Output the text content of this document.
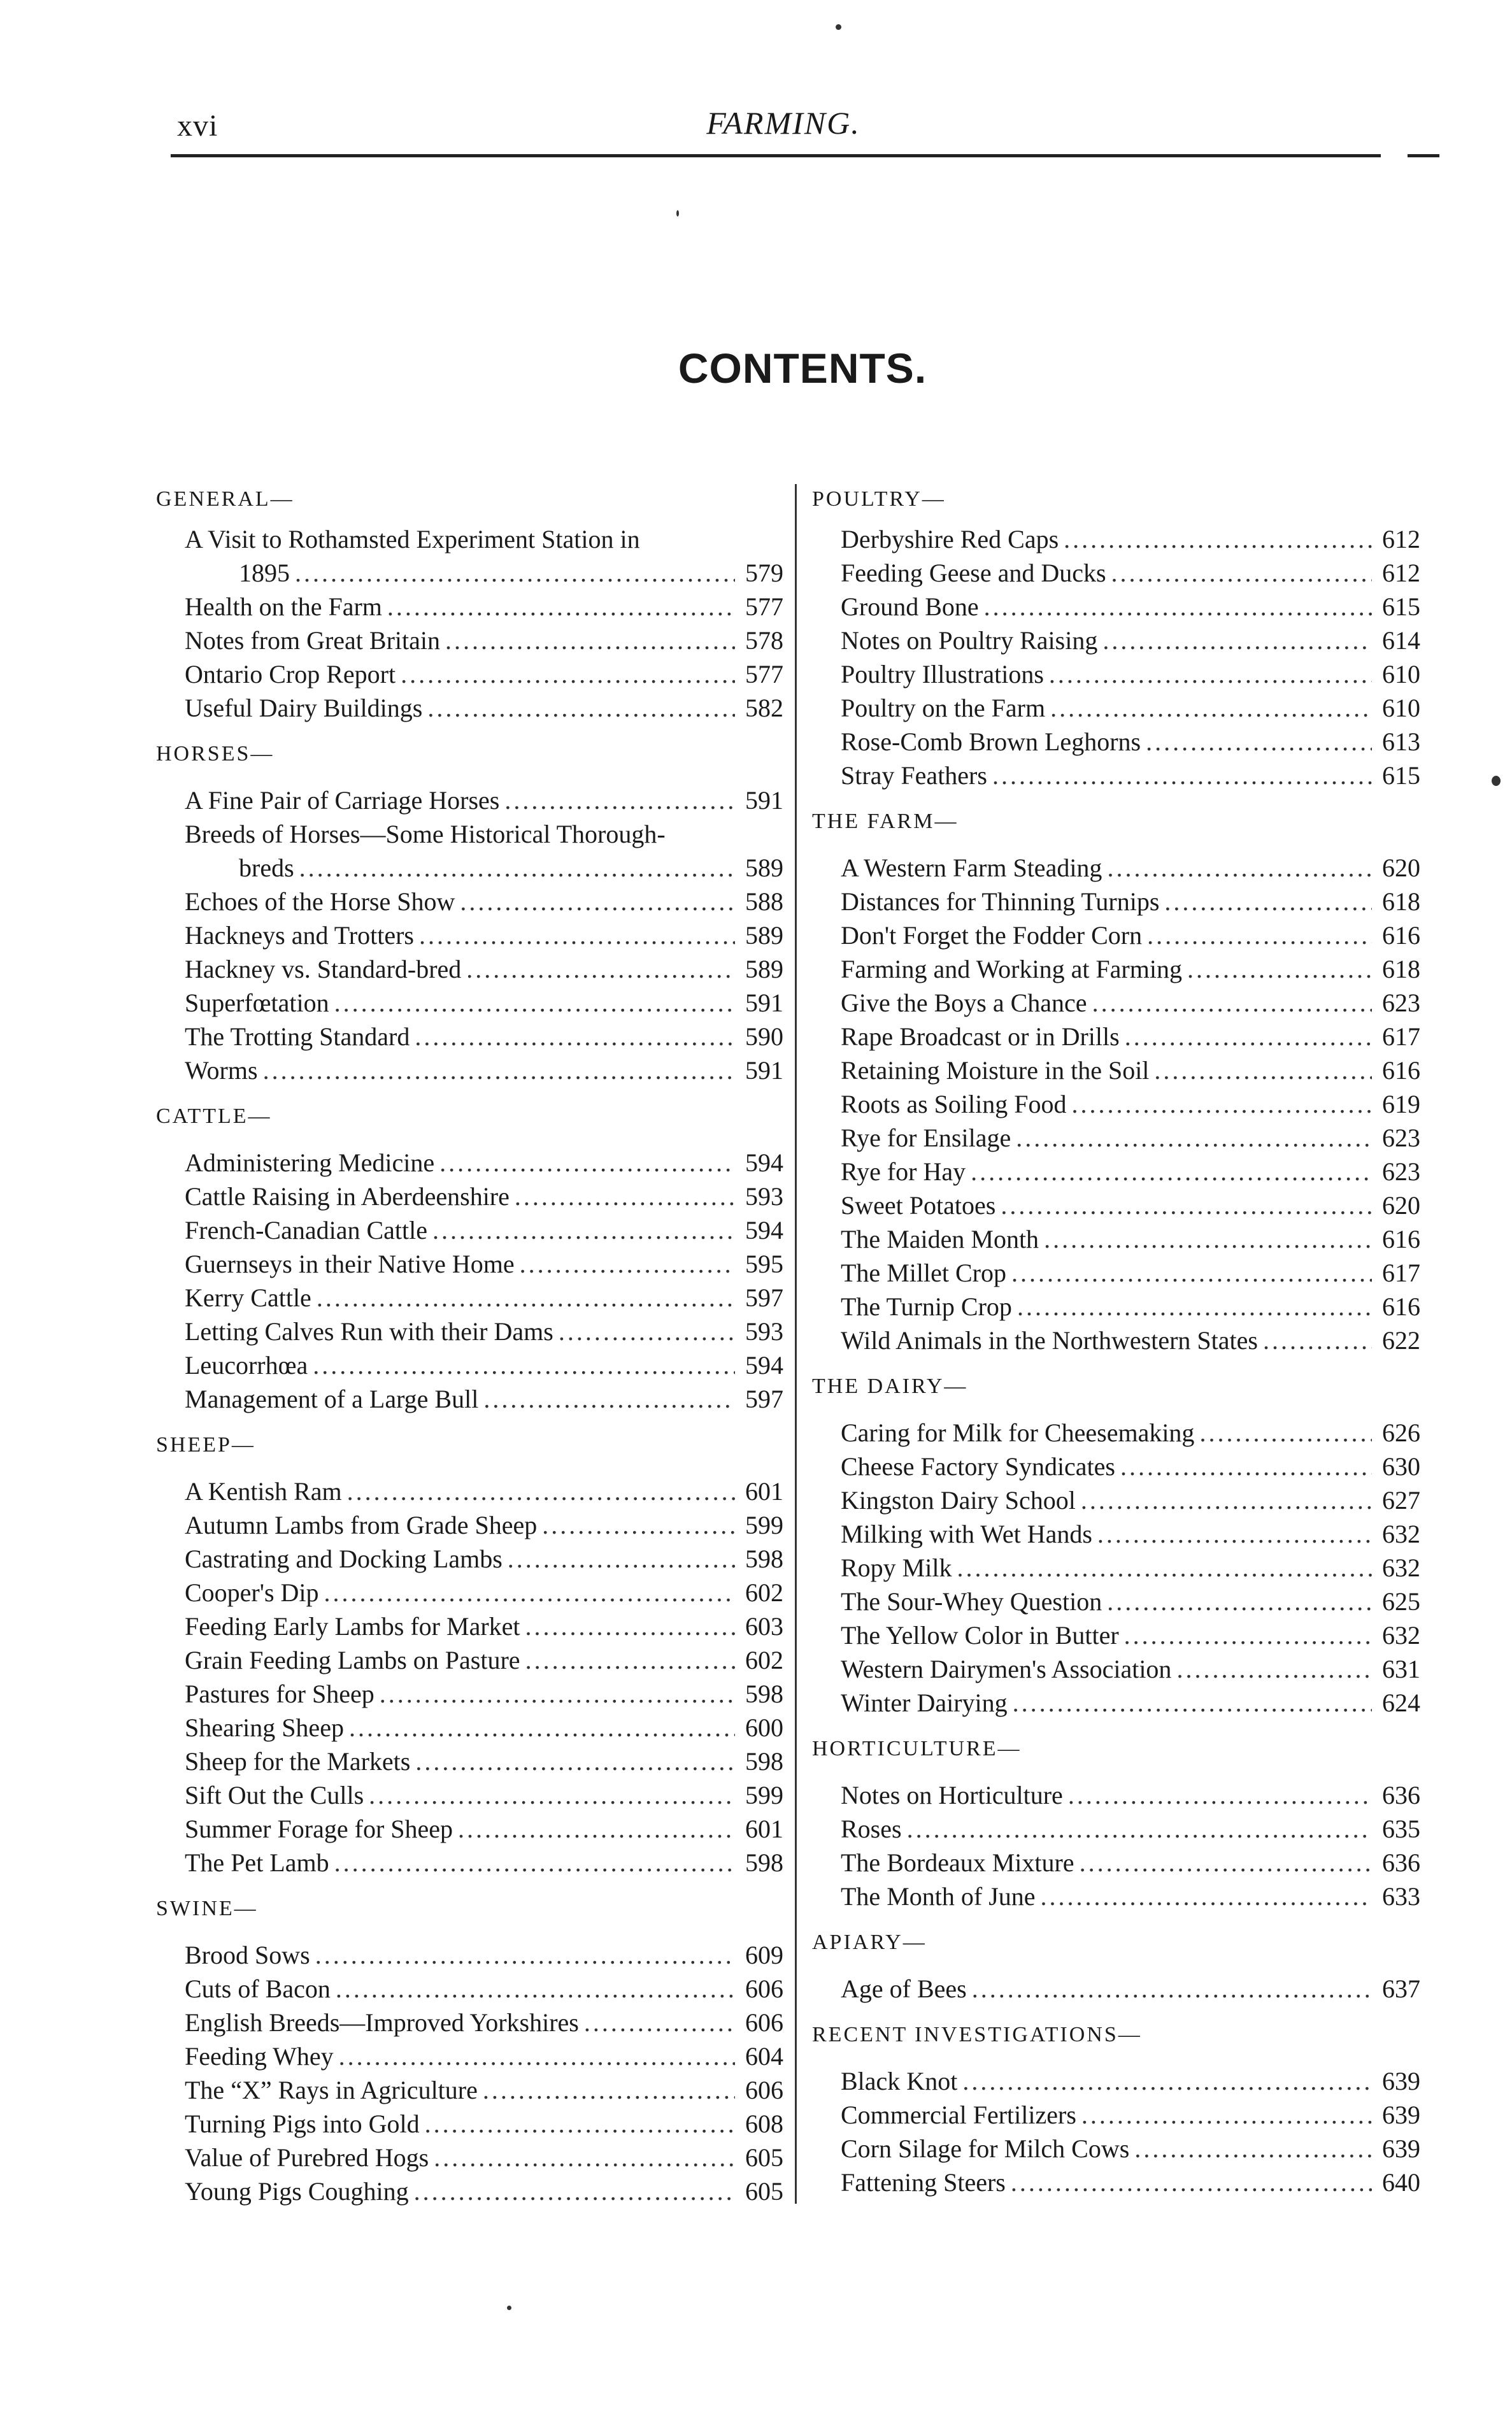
xvi	FARMING.
CONTENTS.
GENERAL—
A Visit to Rothamsted Experiment Station in
1895 .....	579
Health on the Farm .....	577
Notes from Great Britain .....	578
Ontario Crop Report .....	577
Useful Dairy Buildings .....	582
HORSES—
A Fine Pair of Carriage Horses .....	591
Breeds of Horses—Some Historical Thorough-
breds .....	589
Echoes of the Horse Show .....	588
Hackneys and Trotters .....	589
Hackney vs. Standard-bred .....	589
Superfœtation .....	591
The Trotting Standard .....	590
Worms .....	591
CATTLE—
Administering Medicine .....	594
Cattle Raising in Aberdeenshire .....	593
French-Canadian Cattle .....	594
Guernseys in their Native Home .....	595
Kerry Cattle .....	597
Letting Calves Run with their Dams .....	593
Leucorrhœa .....	594
Management of a Large Bull .....	597
SHEEP—
A Kentish Ram .....	601
Autumn Lambs from Grade Sheep .....	599
Castrating and Docking Lambs .....	598
Cooper's Dip .....	602
Feeding Early Lambs for Market .....	603
Grain Feeding Lambs on Pasture .....	602
Pastures for Sheep .....	598
Shearing Sheep .....	600
Sheep for the Markets .....	598
Sift Out the Culls .....	599
Summer Forage for Sheep .....	601
The Pet Lamb .....	598
SWINE—
Brood Sows .....	609
Cuts of Bacon .....	606
English Breeds—Improved Yorkshires .....	606
Feeding Whey .....	604
The “X” Rays in Agriculture .....	606
Turning Pigs into Gold .....	608
Value of Purebred Hogs .....	605
Young Pigs Coughing .....	605
POULTRY—
Derbyshire Red Caps .....	612
Feeding Geese and Ducks .....	612
Ground Bone .....	615
Notes on Poultry Raising .....	614
Poultry Illustrations .....	610
Poultry on the Farm .....	610
Rose-Comb Brown Leghorns .....	613
Stray Feathers .....	615
THE FARM—
A Western Farm Steading .....	620
Distances for Thinning Turnips .....	618
Don't Forget the Fodder Corn .....	616
Farming and Working at Farming .....	618
Give the Boys a Chance .....	623
Rape Broadcast or in Drills .....	617
Retaining Moisture in the Soil .....	616
Roots as Soiling Food .....	619
Rye for Ensilage .....	623
Rye for Hay .....	623
Sweet Potatoes .....	620
The Maiden Month .....	616
The Millet Crop .....	617
The Turnip Crop .....	616
Wild Animals in the Northwestern States .....	622
THE DAIRY—
Caring for Milk for Cheesemaking .....	626
Cheese Factory Syndicates .....	630
Kingston Dairy School .....	627
Milking with Wet Hands .....	632
Ropy Milk .....	632
The Sour-Whey Question .....	625
The Yellow Color in Butter .....	632
Western Dairymen's Association .....	631
Winter Dairying .....	624
HORTICULTURE—
Notes on Horticulture .....	636
Roses .....	635
The Bordeaux Mixture .....	636
The Month of June .....	633
APIARY—
Age of Bees .....	637
RECENT INVESTIGATIONS—
Black Knot .....	639
Commercial Fertilizers .....	639
Corn Silage for Milch Cows .....	639
Fattening Steers .....	640
